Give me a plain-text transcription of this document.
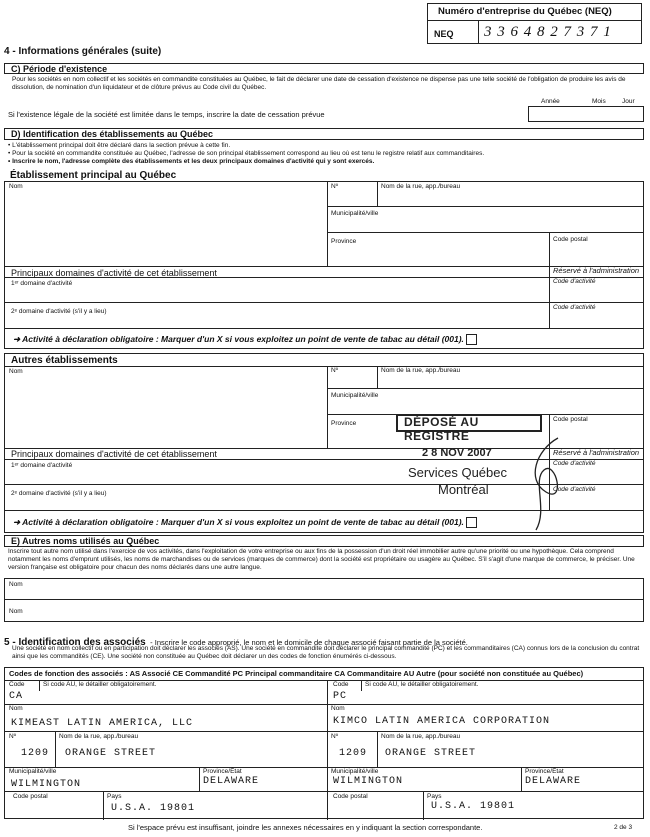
Numéro d'entreprise du Québec (NEQ)
NEQ 3 3 6 4 8 2 7 3 7 1
4 - Informations générales (suite)
C) Période d'existence
Pour les sociétés en nom collectif et les sociétés en commandite constituées au Québec, le fait de déclarer une date de cessation d'existence ne dispense pas une telle société de l'obligation de produire les avis de dissolution, de nomination d'un liquidateur et de clôture prévus au Code civil du Québec.
Année	Mois	Jour
Si l'existence légale de la société est limitée dans le temps, inscrire la date de cessation prévue
D) Identification des établissements au Québec
• L'établissement principal doit être déclaré dans la section prévue à cette fin.
• Pour la société en commandite constituée au Québec, l'adresse de son principal établissement correspond au lieu où est tenu le registre relatif aux commanditaires.
• Inscrire le nom, l'adresse complète des établissements et les deux principaux domaines d'activité qui y sont exercés.
Établissement principal au Québec
Nom	Nº	Nom de la rue, app./bureau
Municipalité/ville
Province	Code postal
Principaux domaines d'activité de cet établissement	Réservé à l'administration
1ᵉʳ domaine d'activité	Code d'activité
2ᵉ domaine d'activité (s'il y a lieu)
Code d'activité
➜ Activité à déclaration obligatoire : Marquer d'un X si vous exploitez un point de vente de tabac au détail (001).
Autres établissements
Nom	Nº	Nom de la rue, app./bureau
Municipalité/ville
Province
Code postal
Principaux domaines d'activité de cet établissement	Réservé à l'administration
1ᵉʳ domaine d'activité	Code d'activité
2ᵉ domaine d'activité (s'il y a lieu)
Code d'activité
➜ Activité à déclaration obligatoire : Marquer d'un X si vous exploitez un point de vente de tabac au détail (001).
DÉPOSÉ AU REGISTRE
2 8 NOV 2007
Services Québec
Montréal
E) Autres noms utilisés au Québec
Inscrire tout autre nom utilisé dans l'exercice de vos activités, dans l'exploitation de votre entreprise ou aux fins de la possession d'un droit réel immobilier autre qu'une priorité ou une hypothèque. Cela comprend notamment les noms d'emprunt utilisés, les noms de marchandises ou de services (marques de commerce) dont la société est propriétaire ou usagère au Québec. S'il s'agit d'une marque de commerce, le préciser. Une version française est obligatoire pour chacun des noms déclarés dans une autre langue.
Nom
Nom
5 - Identification des associés - Inscrire le code approprié, le nom et le domicile de chaque associé faisant partie de la société.
Une société en nom collectif ou en participation doit déclarer les associés (AS). Une société en commandite doit déclarer le principal commandité (PC) et les commanditaires (CA) connus lors de la conclusion du contrat ainsi que les commandités (CE). Une société non constituée au Québec doit déclarer un des codes de fonction énumérés ci-dessous.
Codes de fonction des associés : AS Associé CE Commandité PC Principal commanditaire CA Commanditaire AU Autre (pour société non constituée au Québec)
Code	Si code AU, le détailler obligatoirement.
CA
Nom
KIMEAST LATIN AMERICA, LLC
Nº	Nom de la rue, app./bureau
1209 ORANGE STREET
Municipalité/ville	Province/État
WILMINGTON	DELAWARE
Code postal	Pays
U.S.A. 19801
Code	Si code AU, le détailler obligatoirement.
PC
Nom
KIMCO LATIN AMERICA CORPORATION
Nº	Nom de la rue, app./bureau
1209 ORANGE STREET
Municipalité/ville	Province/État
WILMINGTON	DELAWARE
Code postal	Pays
U.S.A. 19801
Si l'espace prévu est insuffisant, joindre les annexes nécessaires en y indiquant la section correspondante.	2 de 3
